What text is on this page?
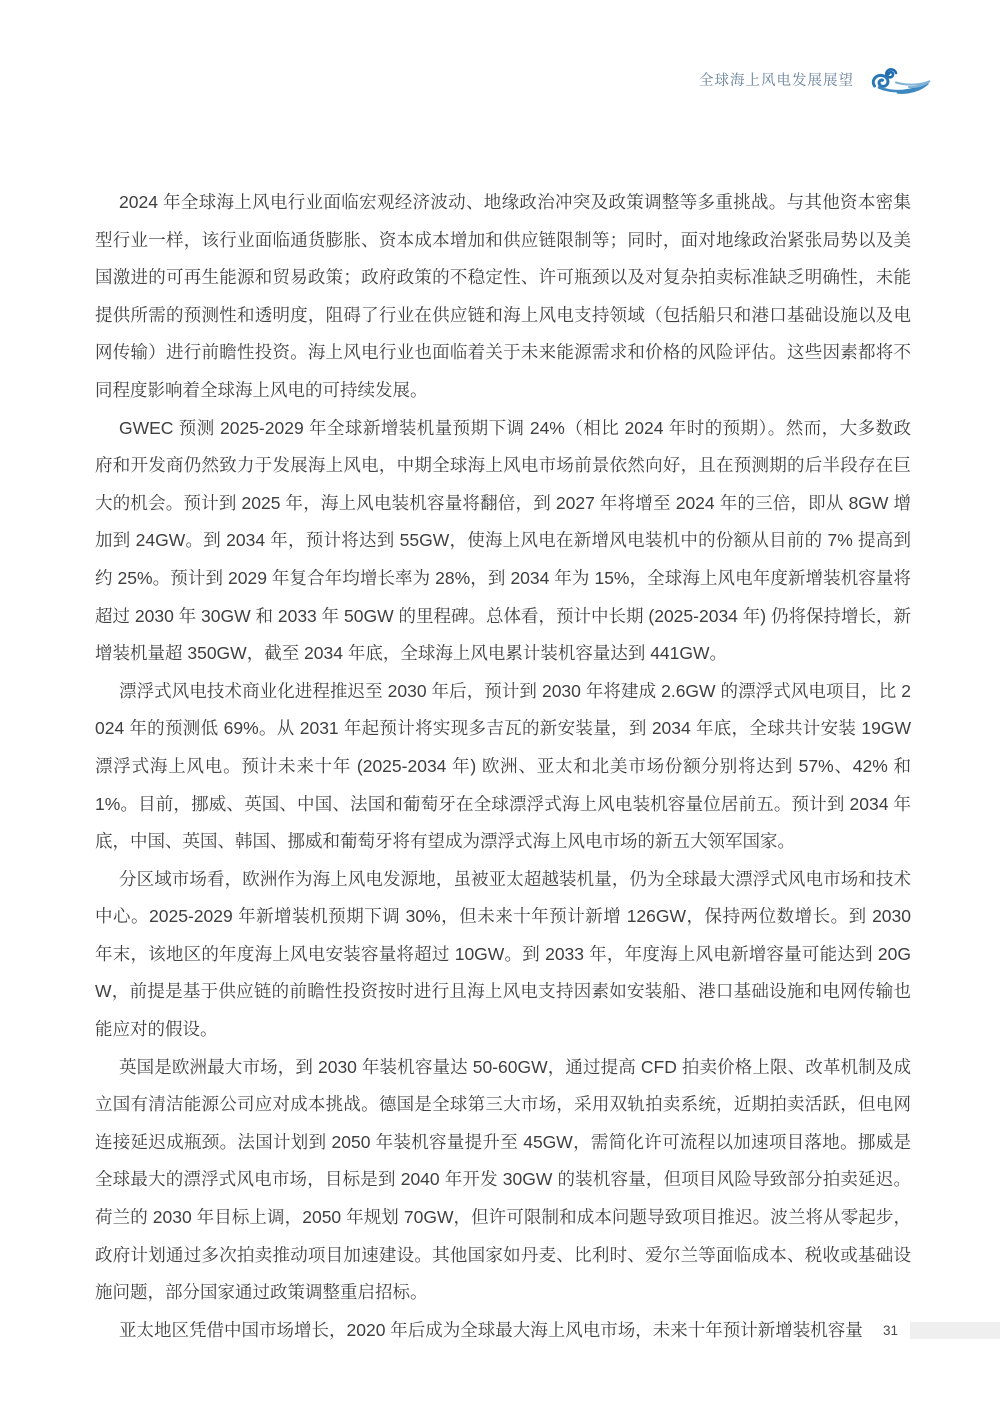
全球海上风电发展展望

2024 年全球海上风电行业面临宏观经济波动、地缘政治冲突及政策调整等多重挑战。与其他资本密集型行业一样，该行业面临通货膨胀、资本成本增加和供应链限制等；同时，面对地缘政治紧张局势以及美国激进的可再生能源和贸易政策；政府政策的不稳定性、许可瓶颈以及对复杂拍卖标准缺乏明确性，未能提供所需的预测性和透明度，阻碍了行业在供应链和海上风电支持领域（包括船只和港口基础设施以及电网传输）进行前瞻性投资。海上风电行业也面临着关于未来能源需求和价格的风险评估。这些因素都将不同程度影响着全球海上风电的可持续发展。

GWEC 预测 2025-2029 年全球新增装机量预期下调 24%（相比 2024 年时的预期）。然而，大多数政府和开发商仍然致力于发展海上风电，中期全球海上风电市场前景依然向好，且在预测期的后半段存在巨大的机会。预计到 2025 年，海上风电装机容量将翻倍，到 2027 年将增至 2024 年的三倍，即从 8GW 增加到 24GW。到 2034 年，预计将达到 55GW，使海上风电在新增风电装机中的份额从目前的 7% 提高到约 25%。预计到 2029 年复合年均增长率为 28%，到 2034 年为 15%，全球海上风电年度新增装机容量将超过 2030 年 30GW 和 2033 年 50GW 的里程碑。总体看，预计中长期 (2025-2034 年) 仍将保持增长，新增装机量超 350GW，截至 2034 年底，全球海上风电累计装机容量达到 441GW。

漂浮式风电技术商业化进程推迟至 2030 年后，预计到 2030 年将建成 2.6GW 的漂浮式风电项目，比 2024 年的预测低 69%。从 2031 年起预计将实现多吉瓦的新安装量，到 2034 年底，全球共计安装 19GW 漂浮式海上风电。预计未来十年 (2025-2034 年) 欧洲、亚太和北美市场份额分别将达到 57%、42% 和 1%。目前，挪威、英国、中国、法国和葡萄牙在全球漂浮式海上风电装机容量位居前五。预计到 2034 年底，中国、英国、韩国、挪威和葡萄牙将有望成为漂浮式海上风电市场的新五大领军国家。

分区域市场看，欧洲作为海上风电发源地，虽被亚太超越装机量，仍为全球最大漂浮式风电市场和技术中心。2025-2029 年新增装机预期下调 30%，但未来十年预计新增 126GW，保持两位数增长。到 2030 年末，该地区的年度海上风电安装容量将超过 10GW。到 2033 年，年度海上风电新增容量可能达到 20GW，前提是基于供应链的前瞻性投资按时进行且海上风电支持因素如安装船、港口基础设施和电网传输也能应对的假设。

英国是欧洲最大市场，到 2030 年装机容量达 50-60GW，通过提高 CFD 拍卖价格上限、改革机制及成立国有清洁能源公司应对成本挑战。德国是全球第三大市场，采用双轨拍卖系统，近期拍卖活跃，但电网连接延迟成瓶颈。法国计划到 2050 年装机容量提升至 45GW，需简化许可流程以加速项目落地。挪威是全球最大的漂浮式风电市场，目标是到 2040 年开发 30GW 的装机容量，但项目风险导致部分拍卖延迟。荷兰的 2030 年目标上调，2050 年规划 70GW，但许可限制和成本问题导致项目推迟。波兰将从零起步，政府计划通过多次拍卖推动项目加速建设。其他国家如丹麦、比利时、爱尔兰等面临成本、税收或基础设施问题，部分国家通过政策调整重启招标。

亚太地区凭借中国市场增长，2020 年后成为全球最大海上风电市场，未来十年预计新增装机容量	31
